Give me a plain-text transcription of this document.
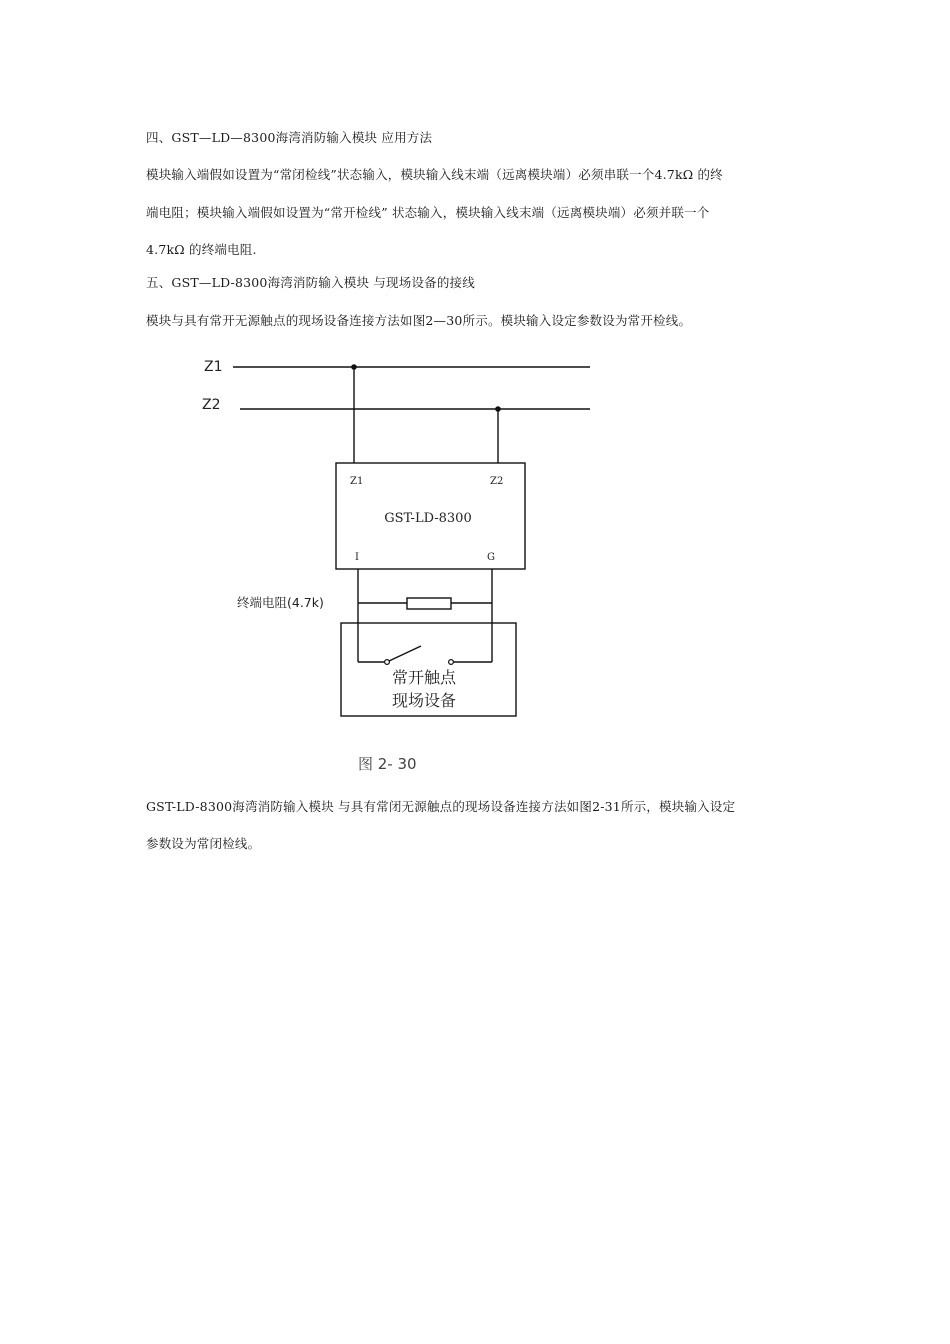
四、GST—LD—8300海湾消防输入模块 应用方法
模块输入端假如设置为“常闭检线”状态输入，模块输入线末端（远离模块端）必须串联一个4.7kΩ 的终
端电阻；模块输入端假如设置为“常开检线” 状态输入，模块输入线末端（远离模块端）必须并联一个
4.7kΩ 的终端电阻.
五、GST—LD-8300海湾消防输入模块 与现场设备的接线
模块与具有常开无源触点的现场设备连接方法如图2—30所示。模块输入设定参数设为常开检线。
Z1
Z2
Z1	Z2
GST-LD-8300
I	G
终端电阻(4.7k)
常开触点
现场设备
图 2- 30
GST-LD-8300海湾消防输入模块 与具有常闭无源触点的现场设备连接方法如图2-31所示，模块输入设定
参数设为常闭检线。
